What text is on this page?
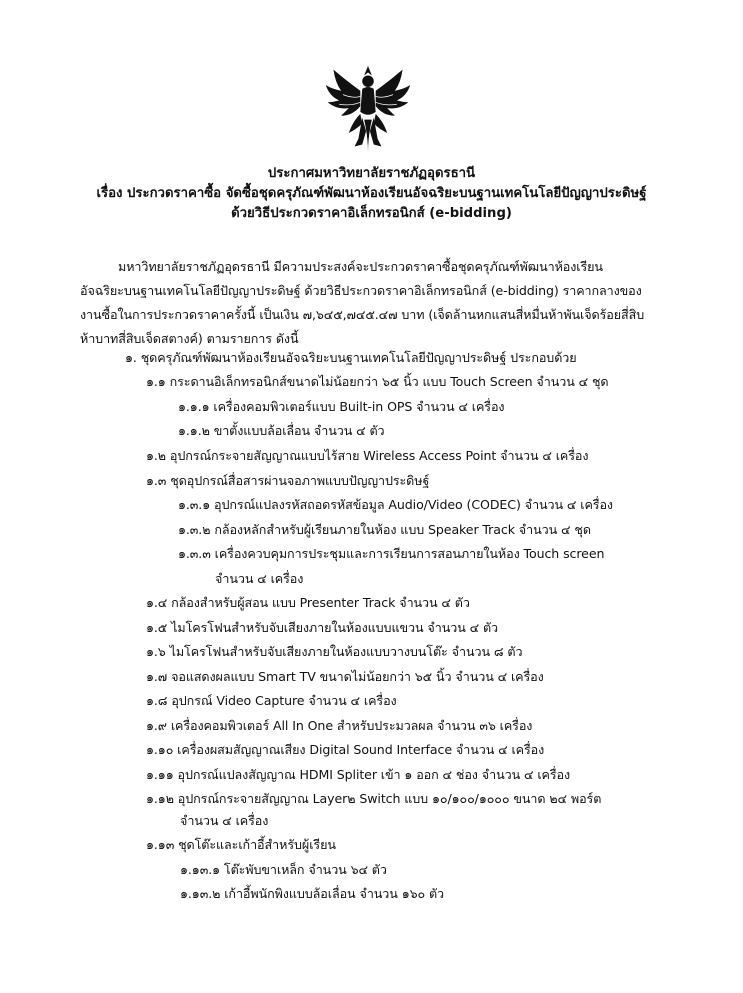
ประกาศมหาวิทยาลัยราชภัฏอุดรธานี
เรื่อง ประกวดราคาซื้อ จัดซื้อชุดครุภัณฑ์พัฒนาห้องเรียนอัจฉริยะบนฐานเทคโนโลยีปัญญาประดิษฐ์
ด้วยวิธีประกวดราคาอิเล็กทรอนิกส์ (e-bidding)
มหาวิทยาลัยราชภัฏอุดรธานี มีความประสงค์จะประกวดราคาซื้อชุดครุภัณฑ์พัฒนาห้องเรียน
อัจฉริยะบนฐานเทคโนโลยีปัญญาประดิษฐ์ ด้วยวิธีประกวดราคาอิเล็กทรอนิกส์ (e-bidding) ราคากลางของ
งานซื้อในการประกวดราคาครั้งนี้ เป็นเงิน ๗,๖๔๕,๗๔๕.๔๗ บาท (เจ็ดล้านหกแสนสี่หมื่นห้าพันเจ็ดร้อยสี่สิบ
ห้าบาทสี่สิบเจ็ดสตางค์) ตามรายการ ดังนี้
๑. ชุดครุภัณฑ์พัฒนาห้องเรียนอัจฉริยะบนฐานเทคโนโลยีปัญญาประดิษฐ์ ประกอบด้วย
๑.๑ กระดานอิเล็กทรอนิกส์ขนาดไม่น้อยกว่า ๖๕ นิ้ว แบบ Touch Screen จำนวน ๔ ชุด
๑.๑.๑ เครื่องคอมพิวเตอร์แบบ Built-in OPS จำนวน ๔ เครื่อง
๑.๑.๒ ขาตั้งแบบล้อเลื่อน จำนวน ๔ ตัว
๑.๒ อุปกรณ์กระจายสัญญาณแบบไร้สาย Wireless Access Point จำนวน ๔ เครื่อง
๑.๓ ชุดอุปกรณ์สื่อสารผ่านจอภาพแบบปัญญาประดิษฐ์
๑.๓.๑ อุปกรณ์แปลงรหัสถอดรหัสข้อมูล Audio/Video (CODEC) จำนวน ๔ เครื่อง
๑.๓.๒ กล้องหลักสำหรับผู้เรียนภายในห้อง แบบ Speaker Track จำนวน ๔ ชุด
๑.๓.๓ เครื่องควบคุมการประชุมและการเรียนการสอนภายในห้อง Touch screen
จำนวน ๔ เครื่อง
๑.๔ กล้องสำหรับผู้สอน แบบ Presenter Track จำนวน ๔ ตัว
๑.๕ ไมโครโฟนสำหรับจับเสียงภายในห้องแบบแขวน จำนวน ๔ ตัว
๑.๖ ไมโครโฟนสำหรับจับเสียงภายในห้องแบบวางบนโต๊ะ จำนวน ๘ ตัว
๑.๗ จอแสดงผลแบบ Smart TV ขนาดไม่น้อยกว่า ๖๕ นิ้ว จำนวน ๔ เครื่อง
๑.๘ อุปกรณ์ Video Capture จำนวน ๔ เครื่อง
๑.๙ เครื่องคอมพิวเตอร์ All In One สำหรับประมวลผล จำนวน ๓๖ เครื่อง
๑.๑๐ เครื่องผสมสัญญาณเสียง Digital Sound Interface จำนวน ๔ เครื่อง
๑.๑๑ อุปกรณ์แปลงสัญญาณ HDMI Spliter เข้า ๑ ออก ๔ ช่อง จำนวน ๔ เครื่อง
๑.๑๒ อุปกรณ์กระจายสัญญาณ Layer๒ Switch แบบ ๑๐/๑๐๐/๑๐๐๐ ขนาด ๒๔ พอร์ต
จำนวน ๔ เครื่อง
๑.๑๓ ชุดโต๊ะและเก้าอี้สำหรับผู้เรียน
๑.๑๓.๑ โต๊ะพับขาเหล็ก จำนวน ๖๔ ตัว
๑.๑๓.๒ เก้าอี้พนักพิงแบบล้อเลื่อน จำนวน ๑๖๐ ตัว
